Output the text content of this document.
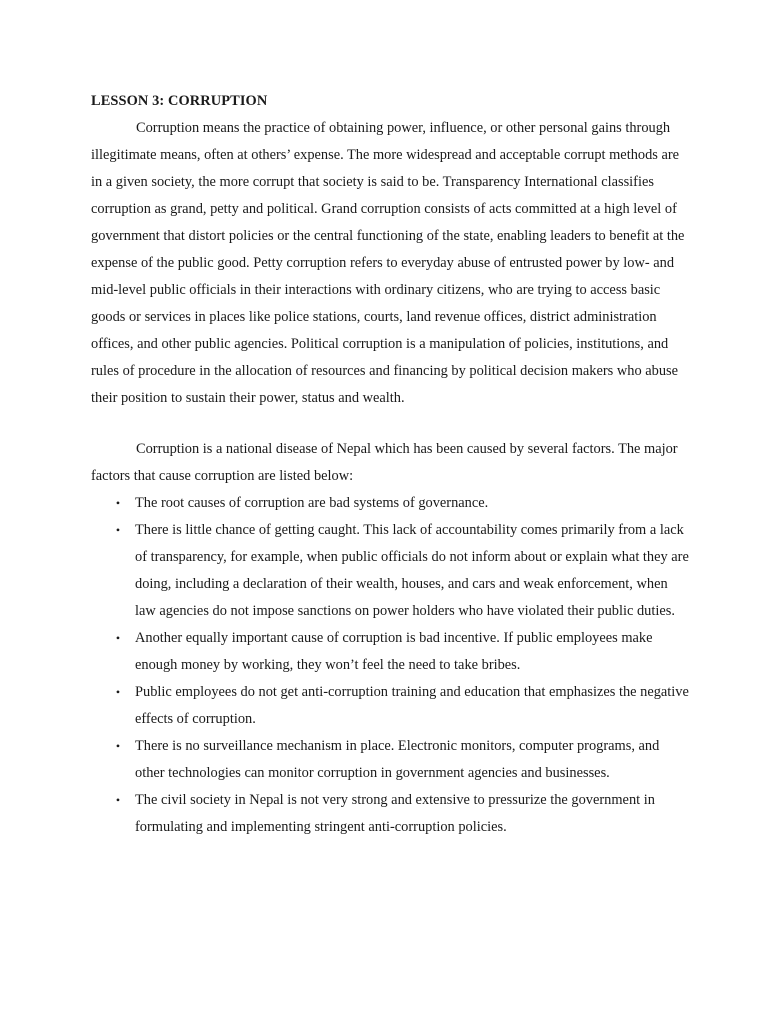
LESSON 3: CORRUPTION

Corruption means the practice of obtaining power, influence, or other personal gains through illegitimate means, often at others’ expense. The more widespread and acceptable corrupt methods are in a given society, the more corrupt that society is said to be. Transparency International classifies corruption as grand, petty and political. Grand corruption consists of acts committed at a high level of government that distort policies or the central functioning of the state, enabling leaders to benefit at the expense of the public good. Petty corruption refers to everyday abuse of entrusted power by low- and mid-level public officials in their interactions with ordinary citizens, who are trying to access basic goods or services in places like police stations, courts, land revenue offices, district administration offices, and other public agencies. Political corruption is a manipulation of policies, institutions, and rules of procedure in the allocation of resources and financing by political decision makers who abuse their position to sustain their power, status and wealth.

Corruption is a national disease of Nepal which has been caused by several factors. The major factors that cause corruption are listed below:

• The root causes of corruption are bad systems of governance.
• There is little chance of getting caught. This lack of accountability comes primarily from a lack of transparency, for example, when public officials do not inform about or explain what they are doing, including a declaration of their wealth, houses, and cars and weak enforcement, when law agencies do not impose sanctions on power holders who have violated their public duties.
• Another equally important cause of corruption is bad incentive. If public employees make enough money by working, they won’t feel the need to take bribes.
• Public employees do not get anti-corruption training and education that emphasizes the negative effects of corruption.
• There is no surveillance mechanism in place. Electronic monitors, computer programs, and other technologies can monitor corruption in government agencies and businesses.
• The civil society in Nepal is not very strong and extensive to pressurize the government in formulating and implementing stringent anti-corruption policies.
